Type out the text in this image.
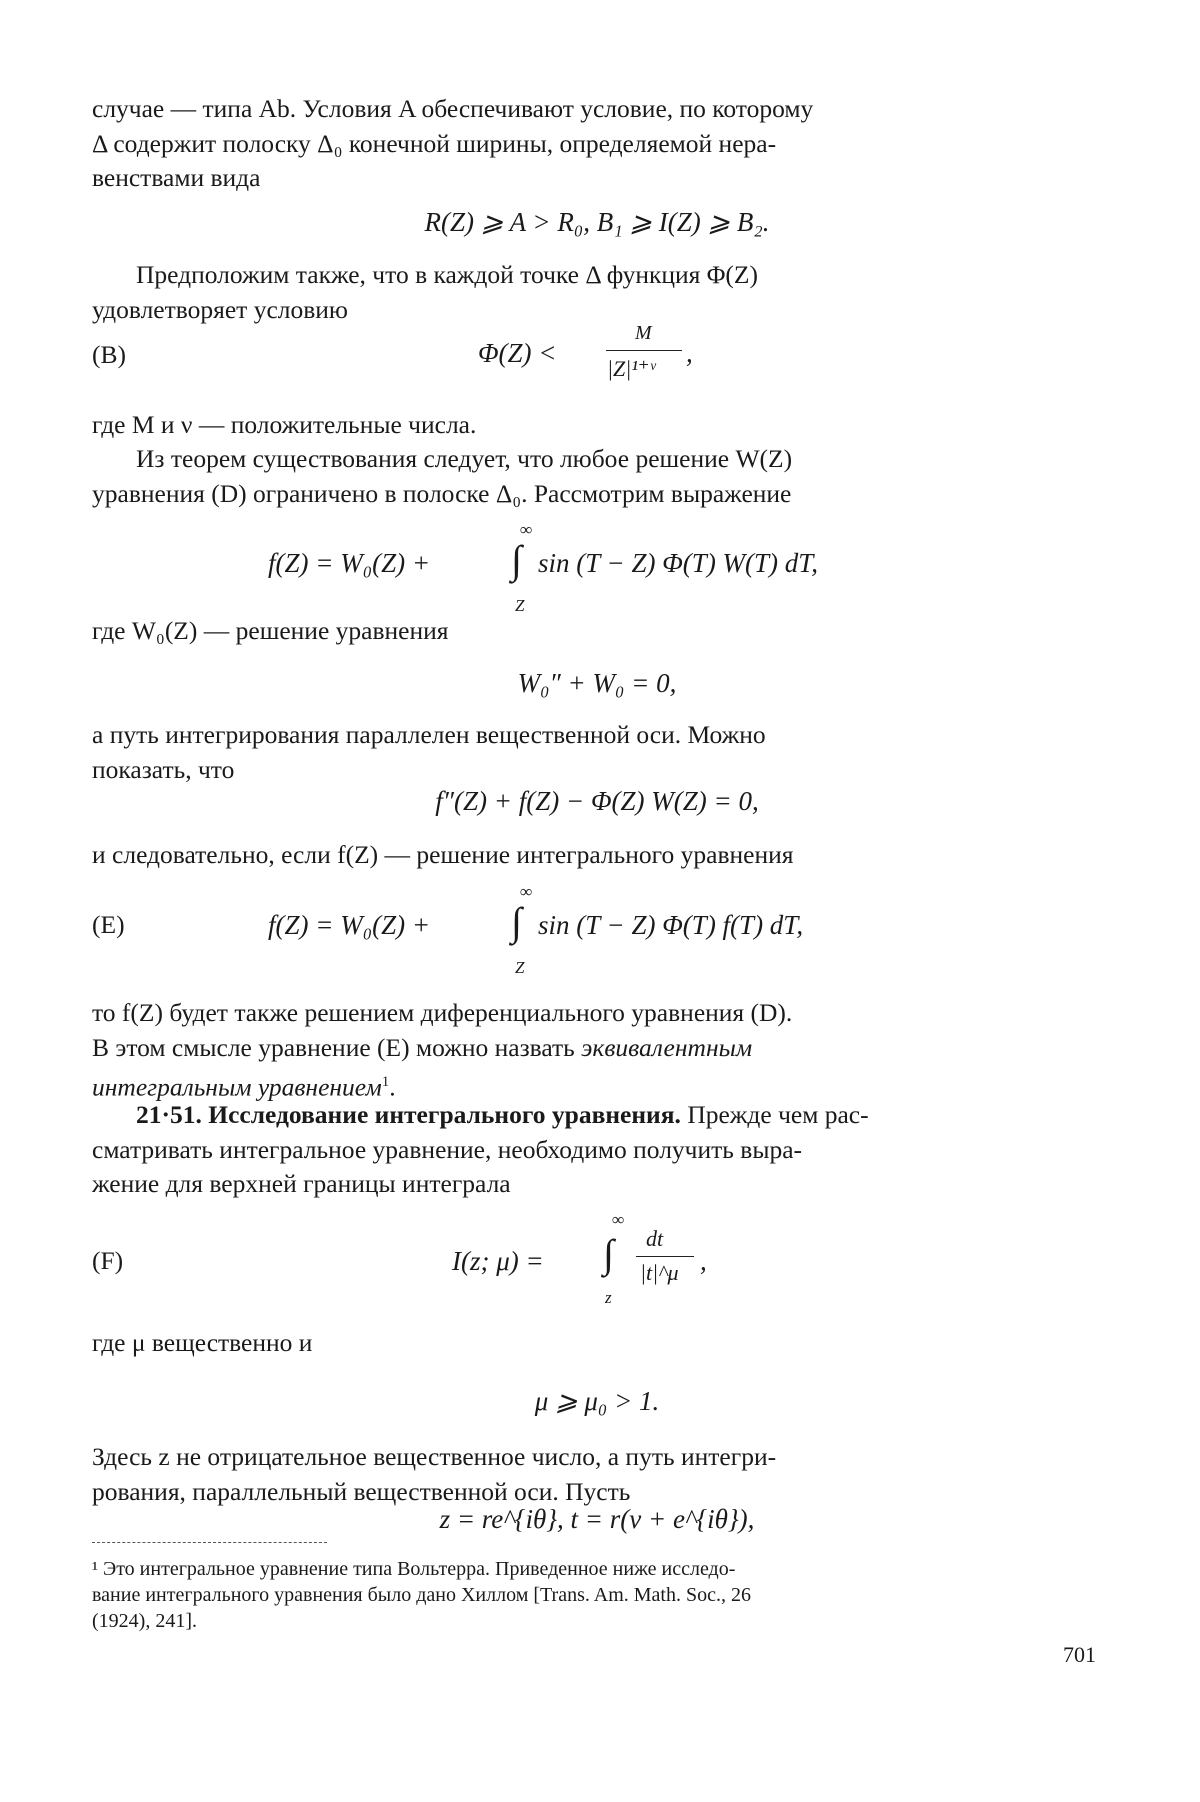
случае — типа Ab. Условия A обеспечивают условие, по которому
Δ содержит полоску Δ₀ конечной ширины, определяемой нера-
венствами вида

R(Z) ⩾ A > R₀, B₁ ⩾ I(Z) ⩾ B₂.

Предположим также, что в каждой точке Δ функция Φ(Z)
удовлетворяет условию

(B)	Φ(Z) <
M
|Z|¹⁺ᵛ
,

где M и ν — положительные числа.

Из теорем существования следует, что любое решение W(Z)
уравнения (D) ограничено в полоске Δ₀. Рассмотрим выражение

f(Z) = W₀(Z) +
∞
∫
Z
sin (T − Z) Φ(T) W(T) dT,

где W₀(Z) — решение уравнения

W₀″ + W₀ = 0,

а путь интегрирования параллелен вещественной оси. Можно
показать, что

f″(Z) + f(Z) − Φ(Z) W(Z) = 0,

и следовательно, если f(Z) — решение интегрального уравнения

(E)	f(Z) = W₀(Z) +
∞
∫
Z
sin (T − Z) Φ(T) f(T) dT,

то f(Z) будет также решением диференциального уравнения (D).
В этом смысле уравнение (E) можно назвать эквивалентным
интегральным уравнением$^1$.

21·51. Исследование интегрального уравнения. Прежде чем рас-
сматривать интегральное уравнение, необходимо получить выра-
жение для верхней границы интеграла

(F)	I(z; μ) =
∞
∫
z
dt
|t|^μ ,

где μ вещественно и

μ ⩾ μ₀ > 1.

Здесь z не отрицательное вещественное число, а путь интегри-
рования, параллельный вещественной оси. Пусть

z = re^{iθ}, t = r(v + e^{iθ}),

¹ Это интегральное уравнение типа Вольтерра. Приведенное ниже исследо-
вание интегрального уравнения было дано Хиллом [Trans. Am. Math. Soc., 26
(1924), 241].

701
